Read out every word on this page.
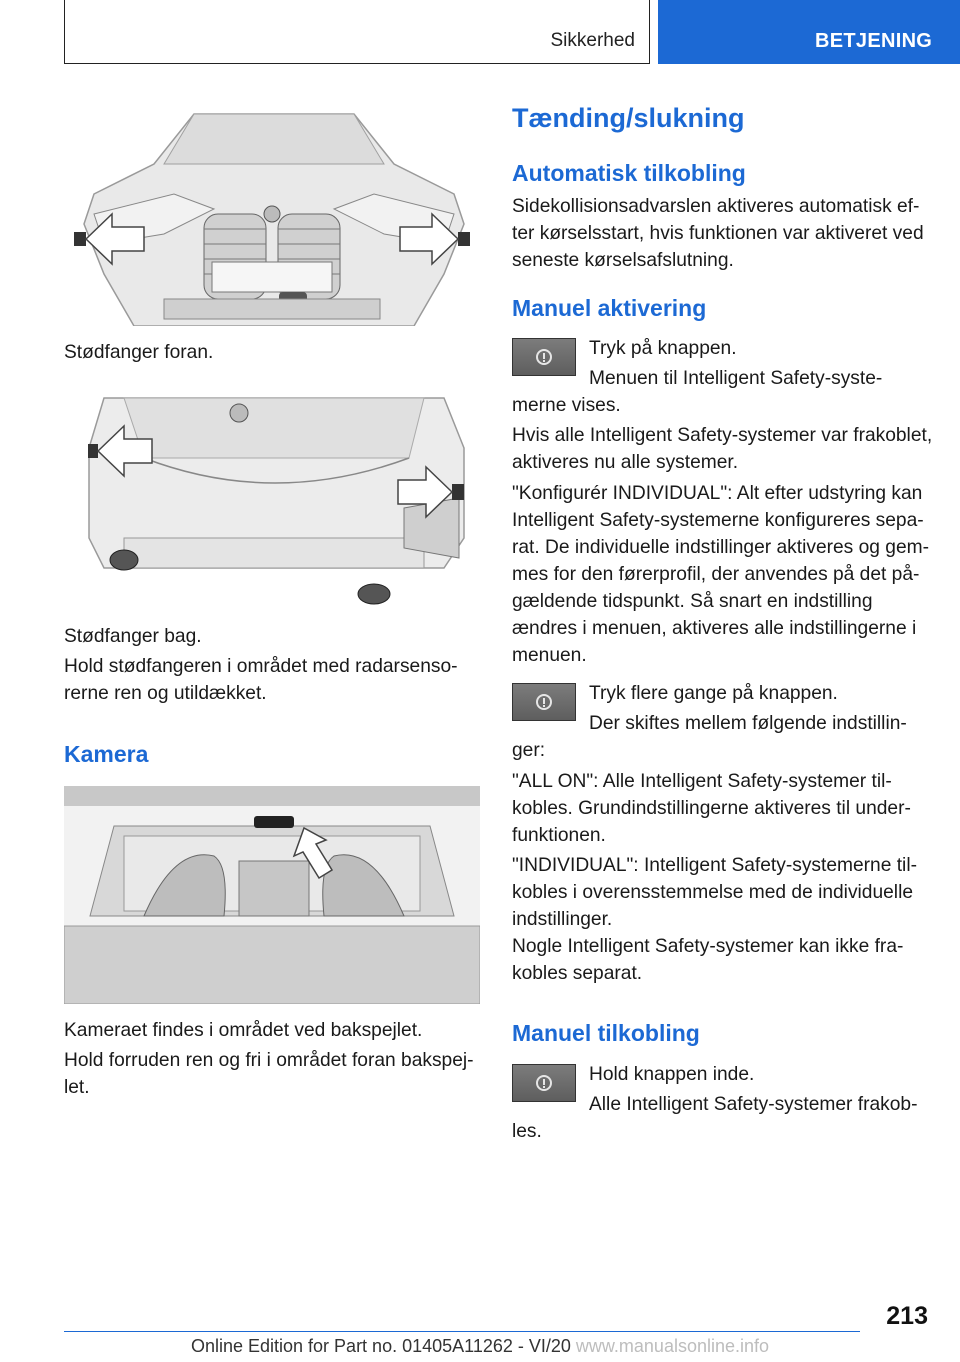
Sikkerhed	BETJENING
Stødfanger foran.
Stødfanger bag.
Hold stødfangeren i området med radarsenso-
rerne ren og utildækket.
Kamera
Kameraet findes i området ved bakspejlet.
Hold forruden ren og fri i området foran bakspej-
let.
Tænding/slukning
Automatisk tilkobling
Sidekollisionsadvarslen aktiveres automatisk ef-
ter kørselsstart, hvis funktionen var aktiveret ved
seneste kørselsafslutning.
Manuel aktivering
Tryk på knappen.
Menuen til Intelligent Safety-syste-
merne vises.
Hvis alle Intelligent Safety-systemer var frakoblet,
aktiveres nu alle systemer.
"Konfigurér INDIVIDUAL": Alt efter udstyring kan
Intelligent Safety-systemerne konfigureres sepa-
rat. De individuelle indstillinger aktiveres og gem-
mes for den førerprofil, der anvendes på det på-
gældende tidspunkt. Så snart en indstilling
ændres i menuen, aktiveres alle indstillingerne i
menuen.
Tryk flere gange på knappen.
Der skiftes mellem følgende indstillin-
ger:
"ALL ON": Alle Intelligent Safety-systemer til-
kobles. Grundindstillingerne aktiveres til under-
funktionen.
"INDIVIDUAL": Intelligent Safety-systemerne til-
kobles i overensstemmelse med de individuelle
indstillinger.
Nogle Intelligent Safety-systemer kan ikke fra-
kobles separat.
Manuel tilkobling
Hold knappen inde.
Alle Intelligent Safety-systemer frakob-
les.
213
Online Edition for Part no. 01405A11262 - VI/20 www.manualsonline.info
